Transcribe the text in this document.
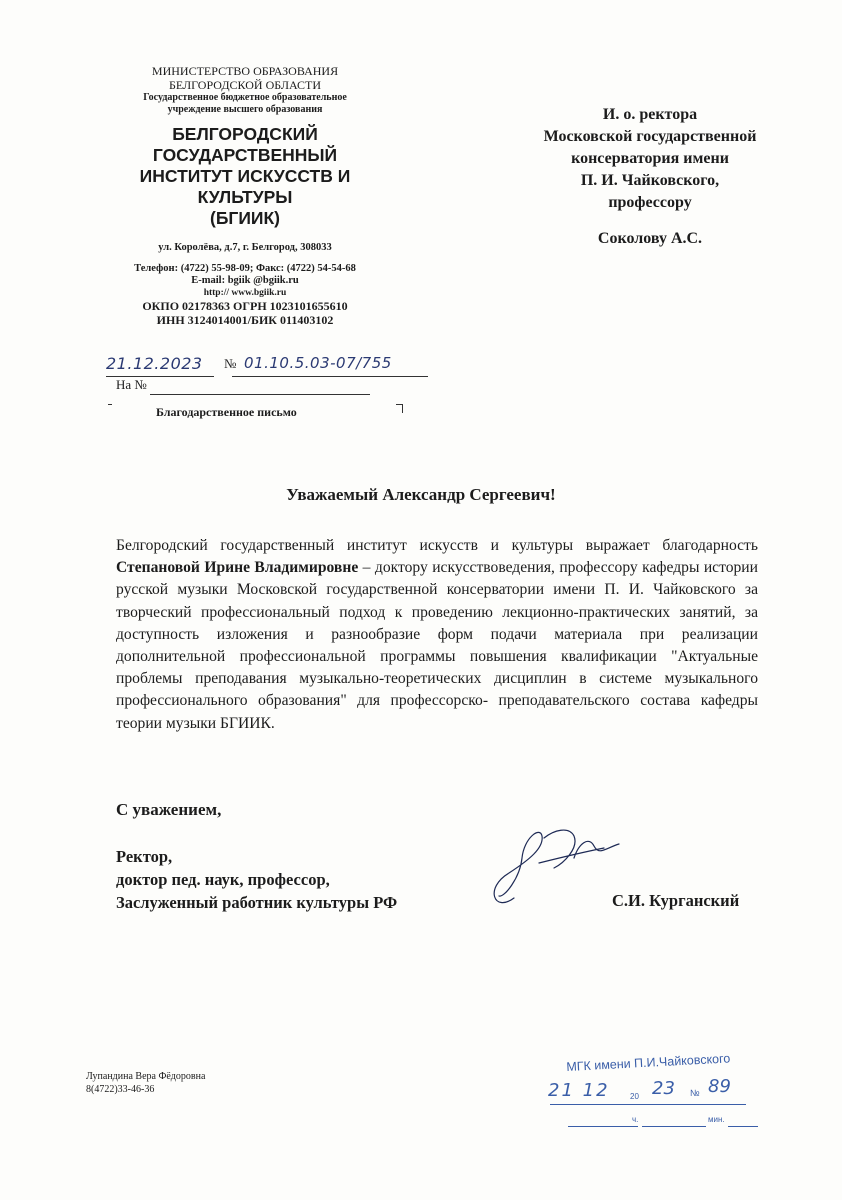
МИНИСТЕРСТВО ОБРАЗОВАНИЯ
БЕЛГОРОДСКОЙ ОБЛАСТИ
Государственное бюджетное образовательное
учреждение высшего образования
БЕЛГОРОДСКИЙ
ГОСУДАРСТВЕННЫЙ
ИНСТИТУТ ИСКУССТВ И
КУЛЬТУРЫ
(БГИИК)
ул. Королёва, д.7, г. Белгород, 308033
Телефон: (4722) 55-98-09; Факс: (4722) 54-54-68
E-mail: bgiik @bgiik.ru
http:// www.bgiik.ru
ОКПО 02178363 ОГРН 1023101655610
ИНН 3124014001/БИК 011403102
21.12.2023 № 01.10.5.03-07/755
На №
Благодарственное письмо
И. о. ректора
Московской государственной
консерватория имени
П. И. Чайковского,
профессору
Соколову А.С.
Уважаемый Александр Сергеевич!
Белгородский государственный институт искусств и культуры выражает благодарность Степановой Ирине Владимировне – доктору искусствоведения, профессору кафедры истории русской музыки Московской государственной консерватории имени П. И. Чайковского за творческий профессиональный подход к проведению лекционно-практических занятий, за доступность изложения и разнообразие форм подачи материала при реализации дополнительной профессиональной программы повышения квалификации "Актуальные проблемы преподавания музыкально-теоретических дисциплин в системе музыкального профессионального образования" для профессорско- преподавательского состава кафедры теории музыки БГИИК.
С уважением,
Ректор,
доктор пед. наук, профессор,
Заслуженный работник культуры РФ	С.И. Курганский
Лупандина Вера Фёдоровна
8(4722)33-46-36
МГК имени П.И.Чайковского
21 12	20 23 № 89
ч.	мин.
